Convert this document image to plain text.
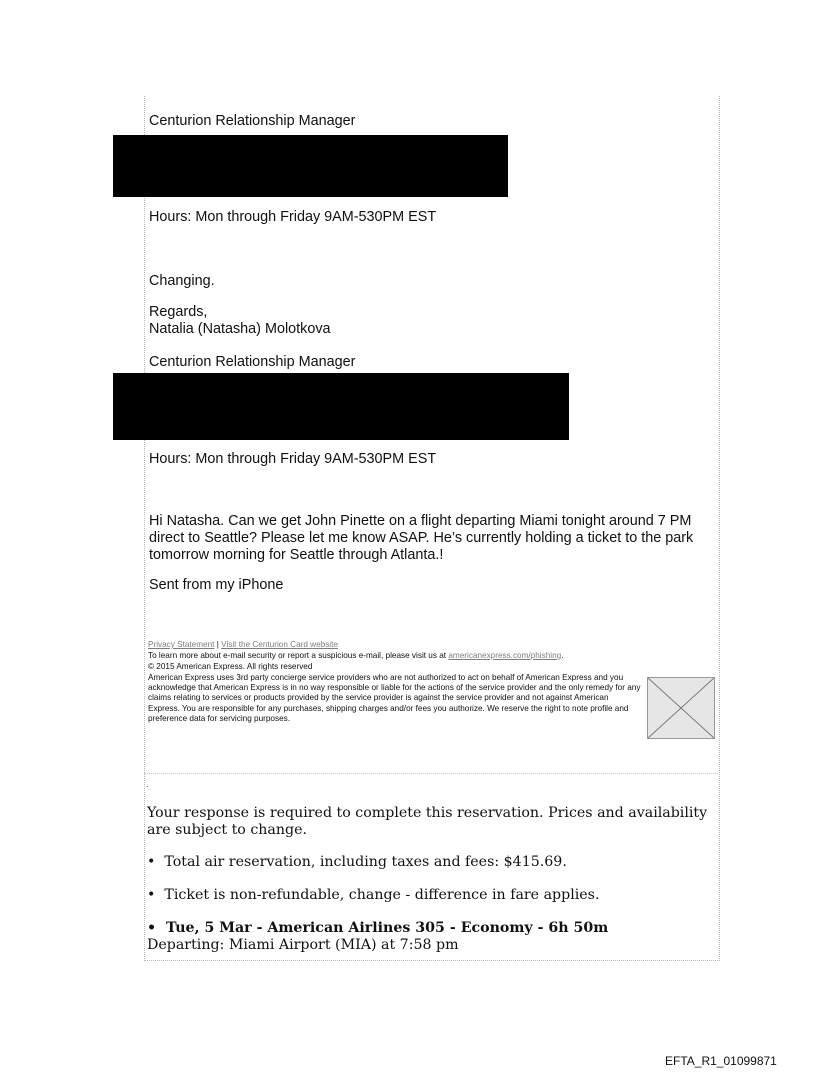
Centurion Relationship Manager
Hours: Mon through Friday 9AM-530PM EST
Changing.
Regards,
Natalia (Natasha) Molotkova
Centurion Relationship Manager
Hours: Mon through Friday 9AM-530PM EST
Hi Natasha. Can we get John Pinette on a flight departing Miami tonight around 7 PM direct to Seattle? Please let me know ASAP. He’s currently holding a ticket to the park tomorrow morning for Seattle through Atlanta.!
Sent from my iPhone
Privacy Statement | Visit the Centurion Card website
To learn more about e-mail security or report a suspicious e-mail, please visit us at americanexpress.com/phishing.
© 2015 American Express. All rights reserved
American Express uses 3rd party concierge service providers who are not authorized to act on behalf of American Express and you acknowledge that American Express is in no way responsible or liable for the actions of the service provider and the only remedy for any claims relating to services or products provided by the service provider is against the service provider and not against American Express. You are responsible for any purchases, shipping charges and/or fees you authorize. We reserve the right to note profile and preference data for servicing purposes.
.
Your response is required to complete this reservation. Prices and availability are subject to change.
• Total air reservation, including taxes and fees: $415.69.
• Ticket is non-refundable, change - difference in fare applies.
• Tue, 5 Mar - American Airlines 305 - Economy - 6h 50m
Departing: Miami Airport (MIA) at 7:58 pm
EFTA_R1_01099871
